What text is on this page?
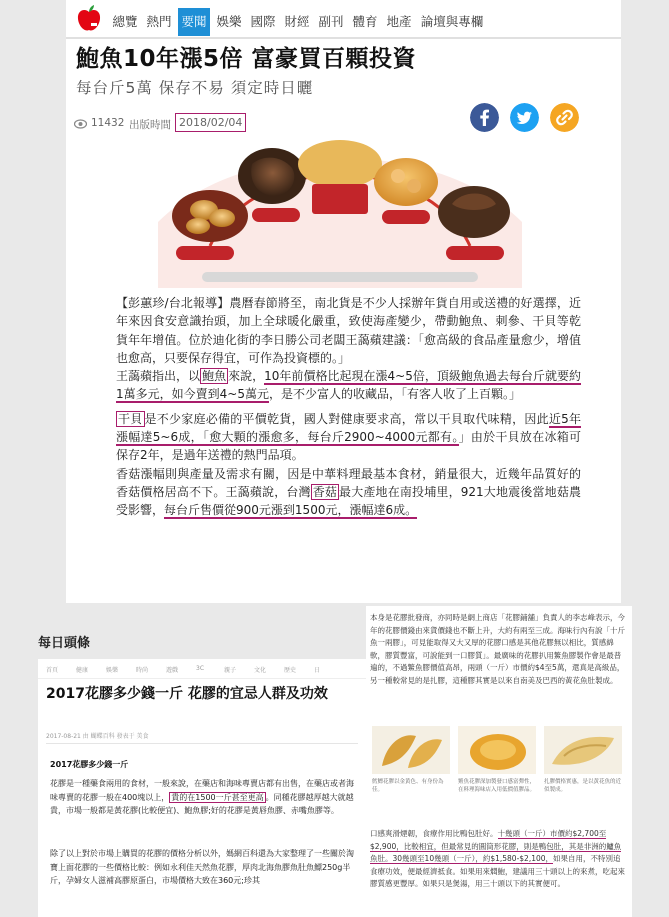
總覽 熱門 要聞 娛樂 國際 財經 副刊 體育 地產 論壇與專欄
鮑魚10年漲5倍 富豪買百顆投資
每台斤5萬 保存不易 須定時日曬
11432 出版時間 2018/02/04

【彭蕙珍/台北報導】農曆春節將至，南北貨是不少人採辦年貨自用或送禮的好選擇，近年來因食安意識抬頭，加上全球暖化嚴重，致使海產變少，帶動鮑魚、刺參、干貝等乾貨年年增值。位於迪化街的李日勝公司老闆王藹蘋建議：「愈高級的食品產量愈少，增值也愈高，只要保存得宜，可作為投資標的。」

王藹蘋指出，以 鮑魚 來說，10年前價格比起現在漲4~5倍，頂級鮑魚過去每台斤就要約1萬多元，如今賣到4~5萬元，是不少富人的收藏品，「有客人收了上百顆。」

干貝 是不少家庭必備的平價乾貨，國人對健康要求高，常以干貝取代味精，因此近5年漲幅達5~6成，「愈大顆的漲愈多，每台斤2900~4000元都有。」由於干貝放在冰箱可保存2年，是過年送禮的熱門品項。

香菇漲幅則與產量及需求有關，因是中華料理最基本食材，銷量很大，近幾年品質好的香菇價格居高不下。王藹蘋說，台灣 香菇 最大產地在南投埔里，921大地震後當地菇農受影響，每台斤售價從900元漲到1500元，漲幅達6成。

每日頭條
首頁	健康	娛樂	時尚	遊戲	3C	親子	文化	歷史	日
2017花膠多少錢一斤 花膠的宜忌人群及功效
2017-08-21 由 蝴蝶百科 發表于 美食
2017花膠多少錢一斤
花膠是一種藥食兩用的食材，一般來說，在藥店和海味專賣店都有出售，在藥店或者海味專賣的花膠一般在400塊以上， 貴的在1500一斤甚至更高 。同種花膠越厚越大就越貴，市場一般都是黃花膠(比較便宜)、鮑魚膠;好的花膠是黃唇魚膠、赤嘴魚膠等。
除了以上對於市場上購買的花膠的價格分析以外，媽網百科還為大家整理了一些關於淘寶上面花膠的一些價格比較：例如永利佳天然魚花膠，厚肉北海魚膠魚肚魚鰾250g半斤，孕婦女人滋補高膠原蛋白，市場價格大致在360元;珍其
本身是花膠批發商，亦同時是網上商店「花膠鋪舖」負責人的李志峰表示，今年的花膠價錢由來貨價錢也不斷上升，大約有兩至三成。海味行內有說「十斤魚一兩膠」，可見能取得又大又厚的花膠口感是其他花膠無以相比，質感綿軟，膠質豐富，可說能到一口膠質」。最廣味的花膠扒用鰵魚膠製作會是最普遍的，不過鰵魚膠價值高昂，兩頭（一斤）市價約$4至5萬，還真是高級品，另一種較常見的是扎膠，這種膠其實是以來自南美及巴西的黃花魚肚製成。
鱈鰾花膠以金黃色、有身份為佳。
鰵魚花膠深加製發口感富彈性，在料理海味店入用低價值膠品。
扎膠價格實惠，是以黃花魚的近似製成。
口感爽滑煙韌，食療作用比鴨包肚好。十幾頭（一斤）市價約$2,700至$2,900，比較相宜，但最常見的圓筒形花膠，則是鴨包肚，其是非洲的鱸魚魚肚。30幾頭至10幾頭（一斤），約$1,580-$2,100，如果自用，不特別追食療功效，便最經濟抵食。如果用來燜鮑，建議用三十頭以上的來煮，吃起來膠質感更豐厚。如果只是煲湯，用三十頭以下的其實便可。
